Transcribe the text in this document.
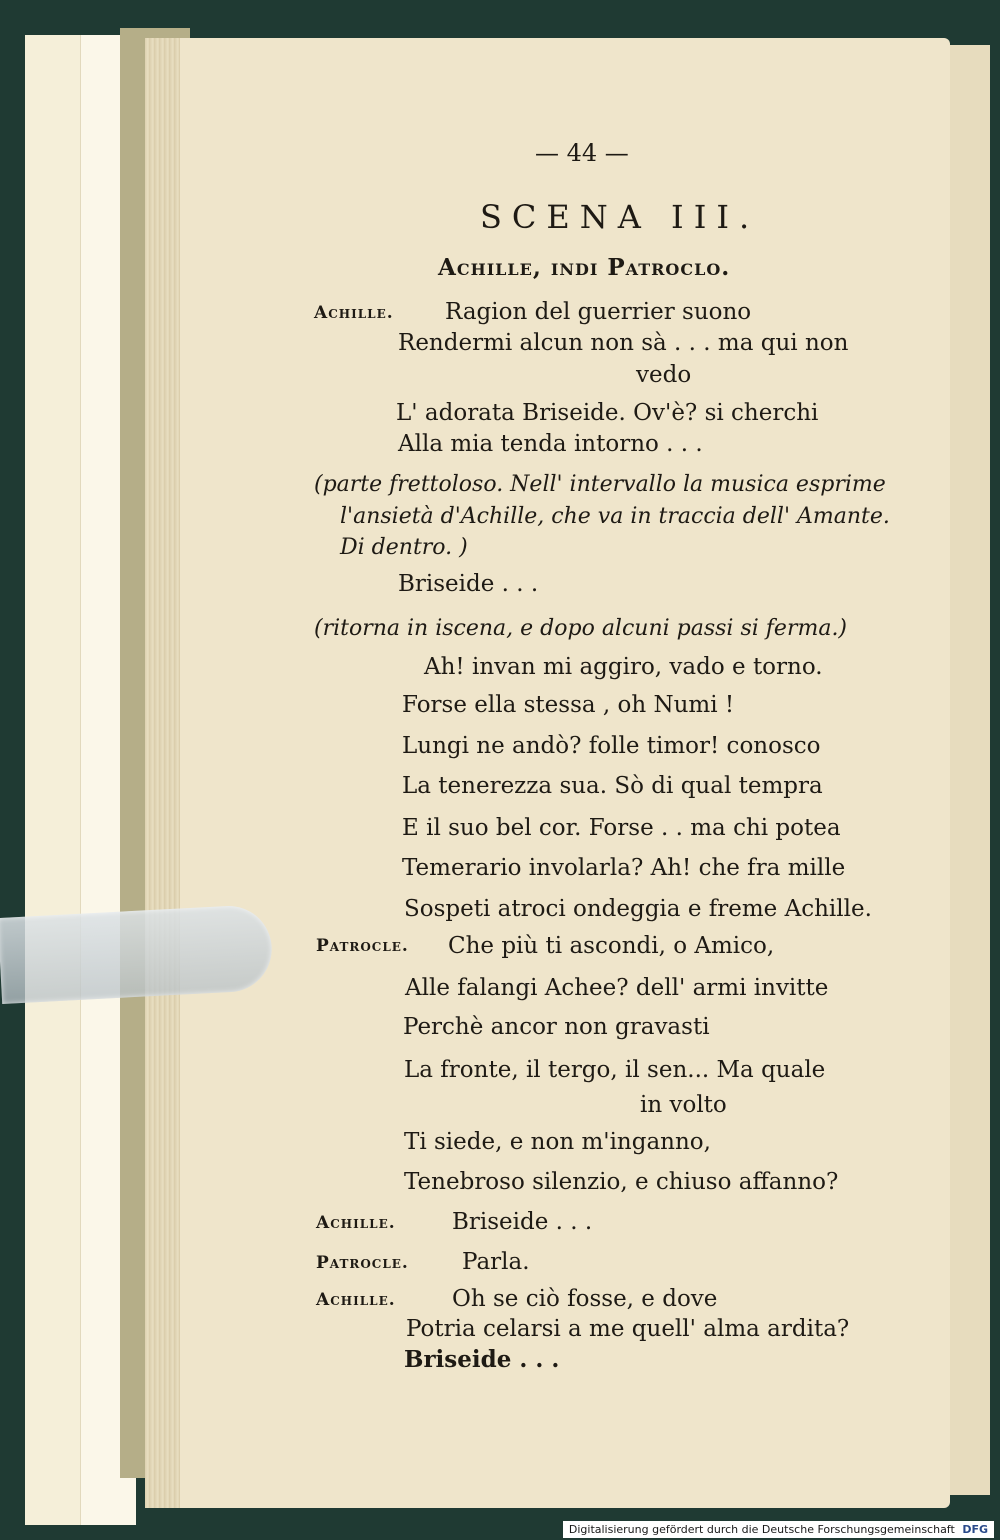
— 44 —
SCENA III.
Achille, indi Patroclo.
Achille.
Patrocle.
Achille.
Patrocle.
Achille.
Ragion del guerrier suono
Rendermi alcun non sà . . . ma qui non
vedo
L' adorata Briseide. Ov'è? si cherchi
Alla mia tenda intorno . . .
(parte frettoloso. Nell' intervallo la musica esprime
l'ansietà d'Achille, che va in traccia dell' Amante.
Di dentro. )
Briseide . . .
(ritorna in iscena, e dopo alcuni passi si ferma.)
Ah! invan mi aggiro, vado e torno.
Forse ella stessa , oh Numi !
Lungi ne andò? folle timor! conosco
La tenerezza sua. Sò di qual tempra
E il suo bel cor. Forse . . ma chi potea
Temerario involarla? Ah! che fra mille
Sospeti atroci ondeggia e freme Achille.
Che più ti ascondi, o Amico,
Alle falangi Achee? dell' armi invitte
Perchè ancor non gravasti
La fronte, il tergo, il sen... Ma quale
in volto
Ti siede, e non m'inganno,
Tenebroso silenzio, e chiuso affanno?
Briseide . . .
Parla.
Oh se ciò fosse, e dove
Potria celarsi a me quell' alma ardita?
Briseide . . .
Digitalisierung gefördert durch die Deutsche Forschungsgemeinschaft DFG
